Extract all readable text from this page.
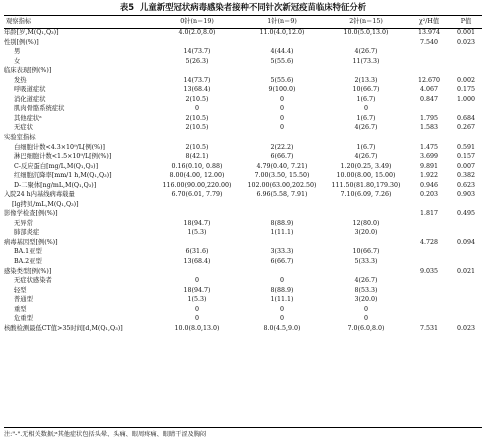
表5 儿童新型冠状病毒感染者接种不同针次新冠疫苗临床特征分析
观察指标	0针(n＝19)	1针(n＝9)	2针(n＝15)	χ²/H值	P值
年龄[岁,M(Q₁,Q₃)]	4.0(2.0,8.0)	11.0(4.0,12.0)	10.0(5.0,13.0)	13.974	0.001
性别[例(%)]				7.540	0.023
男	14(73.7)	4(44.4)	4(26.7)		
女	5(26.3)	5(55.6)	11(73.3)		
临床表现[例(%)]					
发热	14(73.7)	5(55.6)	2(13.3)	12.670	0.002
呼吸道症状	13(68.4)	9(100.0)	10(66.7)	4.067	0.175
消化道症状	2(10.5)	0	1(6.7)	0.847	1.000
肌肉骨骼系统症状	0	0	0		
其他症状ᵃ	2(10.5)	0	1(6.7)	1.795	0.684
无症状	2(10.5)	0	4(26.7)	1.583	0.267
实验室指标					
白细胞计数<4.3×10⁹/L[例(%)]	2(10.5)	2(22.2)	1(6.7)	1.475	0.591
淋巴细胞计数<1.5×10⁹/L[例(%)]	8(42.1)	6(66.7)	4(26.7)	3.699	0.157
C-反应蛋白[mg/L,M(Q₁,Q₃)]	0.16(0.10, 0.88)	4.79(0.40, 7.21)	1.20(0.25, 3.49)	9.891	0.007
红细胞沉降率[mm/1 h,M(Q₁,Q₃)]	8.00(4.00, 12.00)	7.00(3.50, 15.50)	10.00(8.00, 15.00)	1.922	0.382
D-二聚体[ng/mL,M(Q₁,Q₃)]	116.00(90.00,220.00)	102.00(63.00,202.50)	111.50(81.80,179.30)	0.946	0.623
入院24 h内基线病毒载量
[lg拷贝/mL,M(Q₁,Q₃)]	6.70(6.01, 7.79)	6.96(5.58, 7.91)	7.10(6.09, 7.26)	0.203	0.903
影像学检查[例(%)]				1.817	0.495
无异常	18(94.7)	8(88.9)	12(80.0)		
肺部炎症	1(5.3)	1(11.1)	3(20.0)		
病毒基因型[例(%)]				4.728	0.094
BA.1亚型	6(31.6)	3(33.3)	10(66.7)		
BA.2亚型	13(68.4)	6(66.7)	5(33.3)		
感染类型[例(%)]				9.035	0.021
无症状感染者	0	0	4(26.7)		
轻型	18(94.7)	8(88.9)	8(53.3)		
普通型	1(5.3)	1(11.1)	3(20.0)		
重型	0	0	0		
危重型	0	0	0		
核酸检测最低CT值>35时间[d,M(Q₁,Q₃)]	10.0(8.0,13.0)	8.0(4.5,9.0)	7.0(6.0,8.0)	7.531	0.023
注:"-".无相关数据;ᵃ其他症状包括头晕、头痛、眼周疼痛、眼睛干涩及胸闷
